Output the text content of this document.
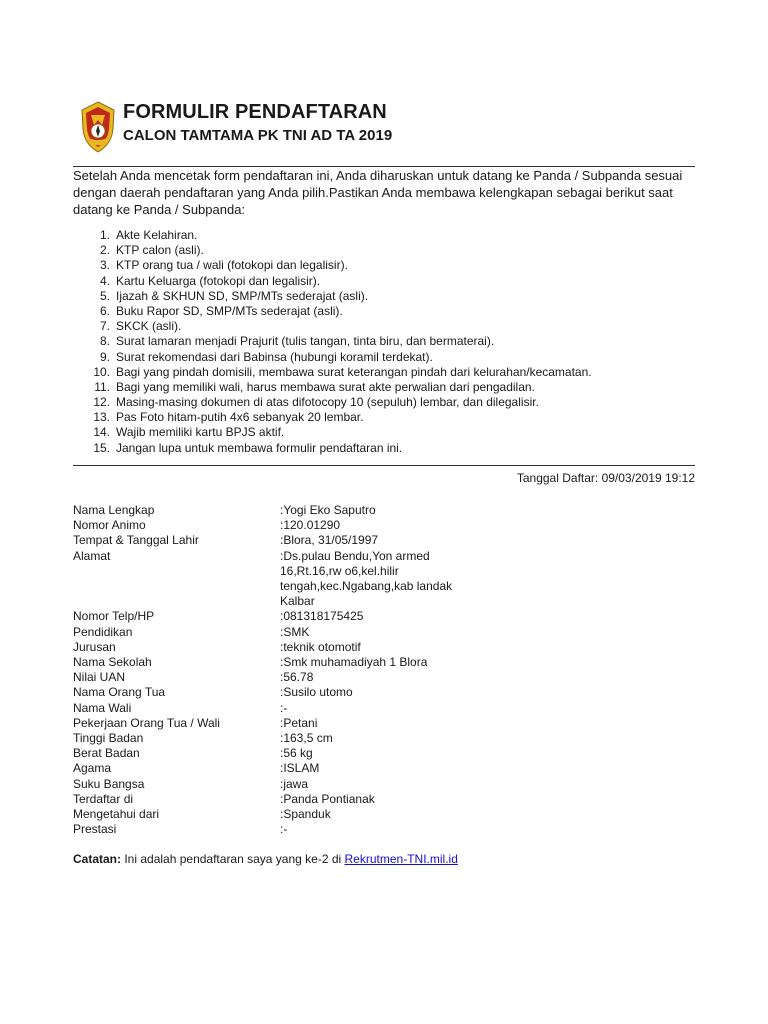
FORMULIR PENDAFTARAN
CALON TAMTAMA PK TNI AD TA 2019
Setelah Anda mencetak form pendaftaran ini, Anda diharuskan untuk datang ke Panda / Subpanda sesuai dengan daerah pendaftaran yang Anda pilih.Pastikan Anda membawa kelengkapan sebagai berikut saat datang ke Panda / Subpanda:
1. Akte Kelahiran.
2. KTP calon (asli).
3. KTP orang tua / wali (fotokopi dan legalisir).
4. Kartu Keluarga (fotokopi dan legalisir).
5. Ijazah & SKHUN SD, SMP/MTs sederajat (asli).
6. Buku Rapor SD, SMP/MTs sederajat (asli).
7. SKCK (asli).
8. Surat lamaran menjadi Prajurit (tulis tangan, tinta biru, dan bermaterai).
9. Surat rekomendasi dari Babinsa (hubungi koramil terdekat).
10. Bagi yang pindah domisili, membawa surat keterangan pindah dari kelurahan/kecamatan.
11. Bagi yang memiliki wali, harus membawa surat akte perwalian dari pengadilan.
12. Masing-masing dokumen di atas difotocopy 10 (sepuluh) lembar, dan dilegalisir.
13. Pas Foto hitam-putih 4x6 sebanyak 20 lembar.
14. Wajib memiliki kartu BPJS aktif.
15. Jangan lupa untuk membawa formulir pendaftaran ini.
Tanggal Daftar: 09/03/2019 19:12
Nama Lengkap	:Yogi Eko Saputro
Nomor Animo	:120.01290
Tempat & Tanggal Lahir	:Blora, 31/05/1997
Alamat	:Ds.pulau Bendu,Yon armed
16,Rt.16,rw o6,kel.hilir
tengah,kec.Ngabang,kab landak
Kalbar
Nomor Telp/HP	:081318175425
Pendidikan	:SMK
Jurusan	:teknik otomotif
Nama Sekolah	:Smk muhamadiyah 1 Blora
Nilai UAN	:56.78
Nama Orang Tua	:Susilo utomo
Nama Wali	:-
Pekerjaan Orang Tua / Wali	:Petani
Tinggi Badan	:163,5 cm
Berat Badan	:56 kg
Agama	:ISLAM
Suku Bangsa	:jawa
Terdaftar di	:Panda Pontianak
Mengetahui dari	:Spanduk
Prestasi	:-
Catatan: Ini adalah pendaftaran saya yang ke-2 di Rekrutmen-TNI.mil.id
